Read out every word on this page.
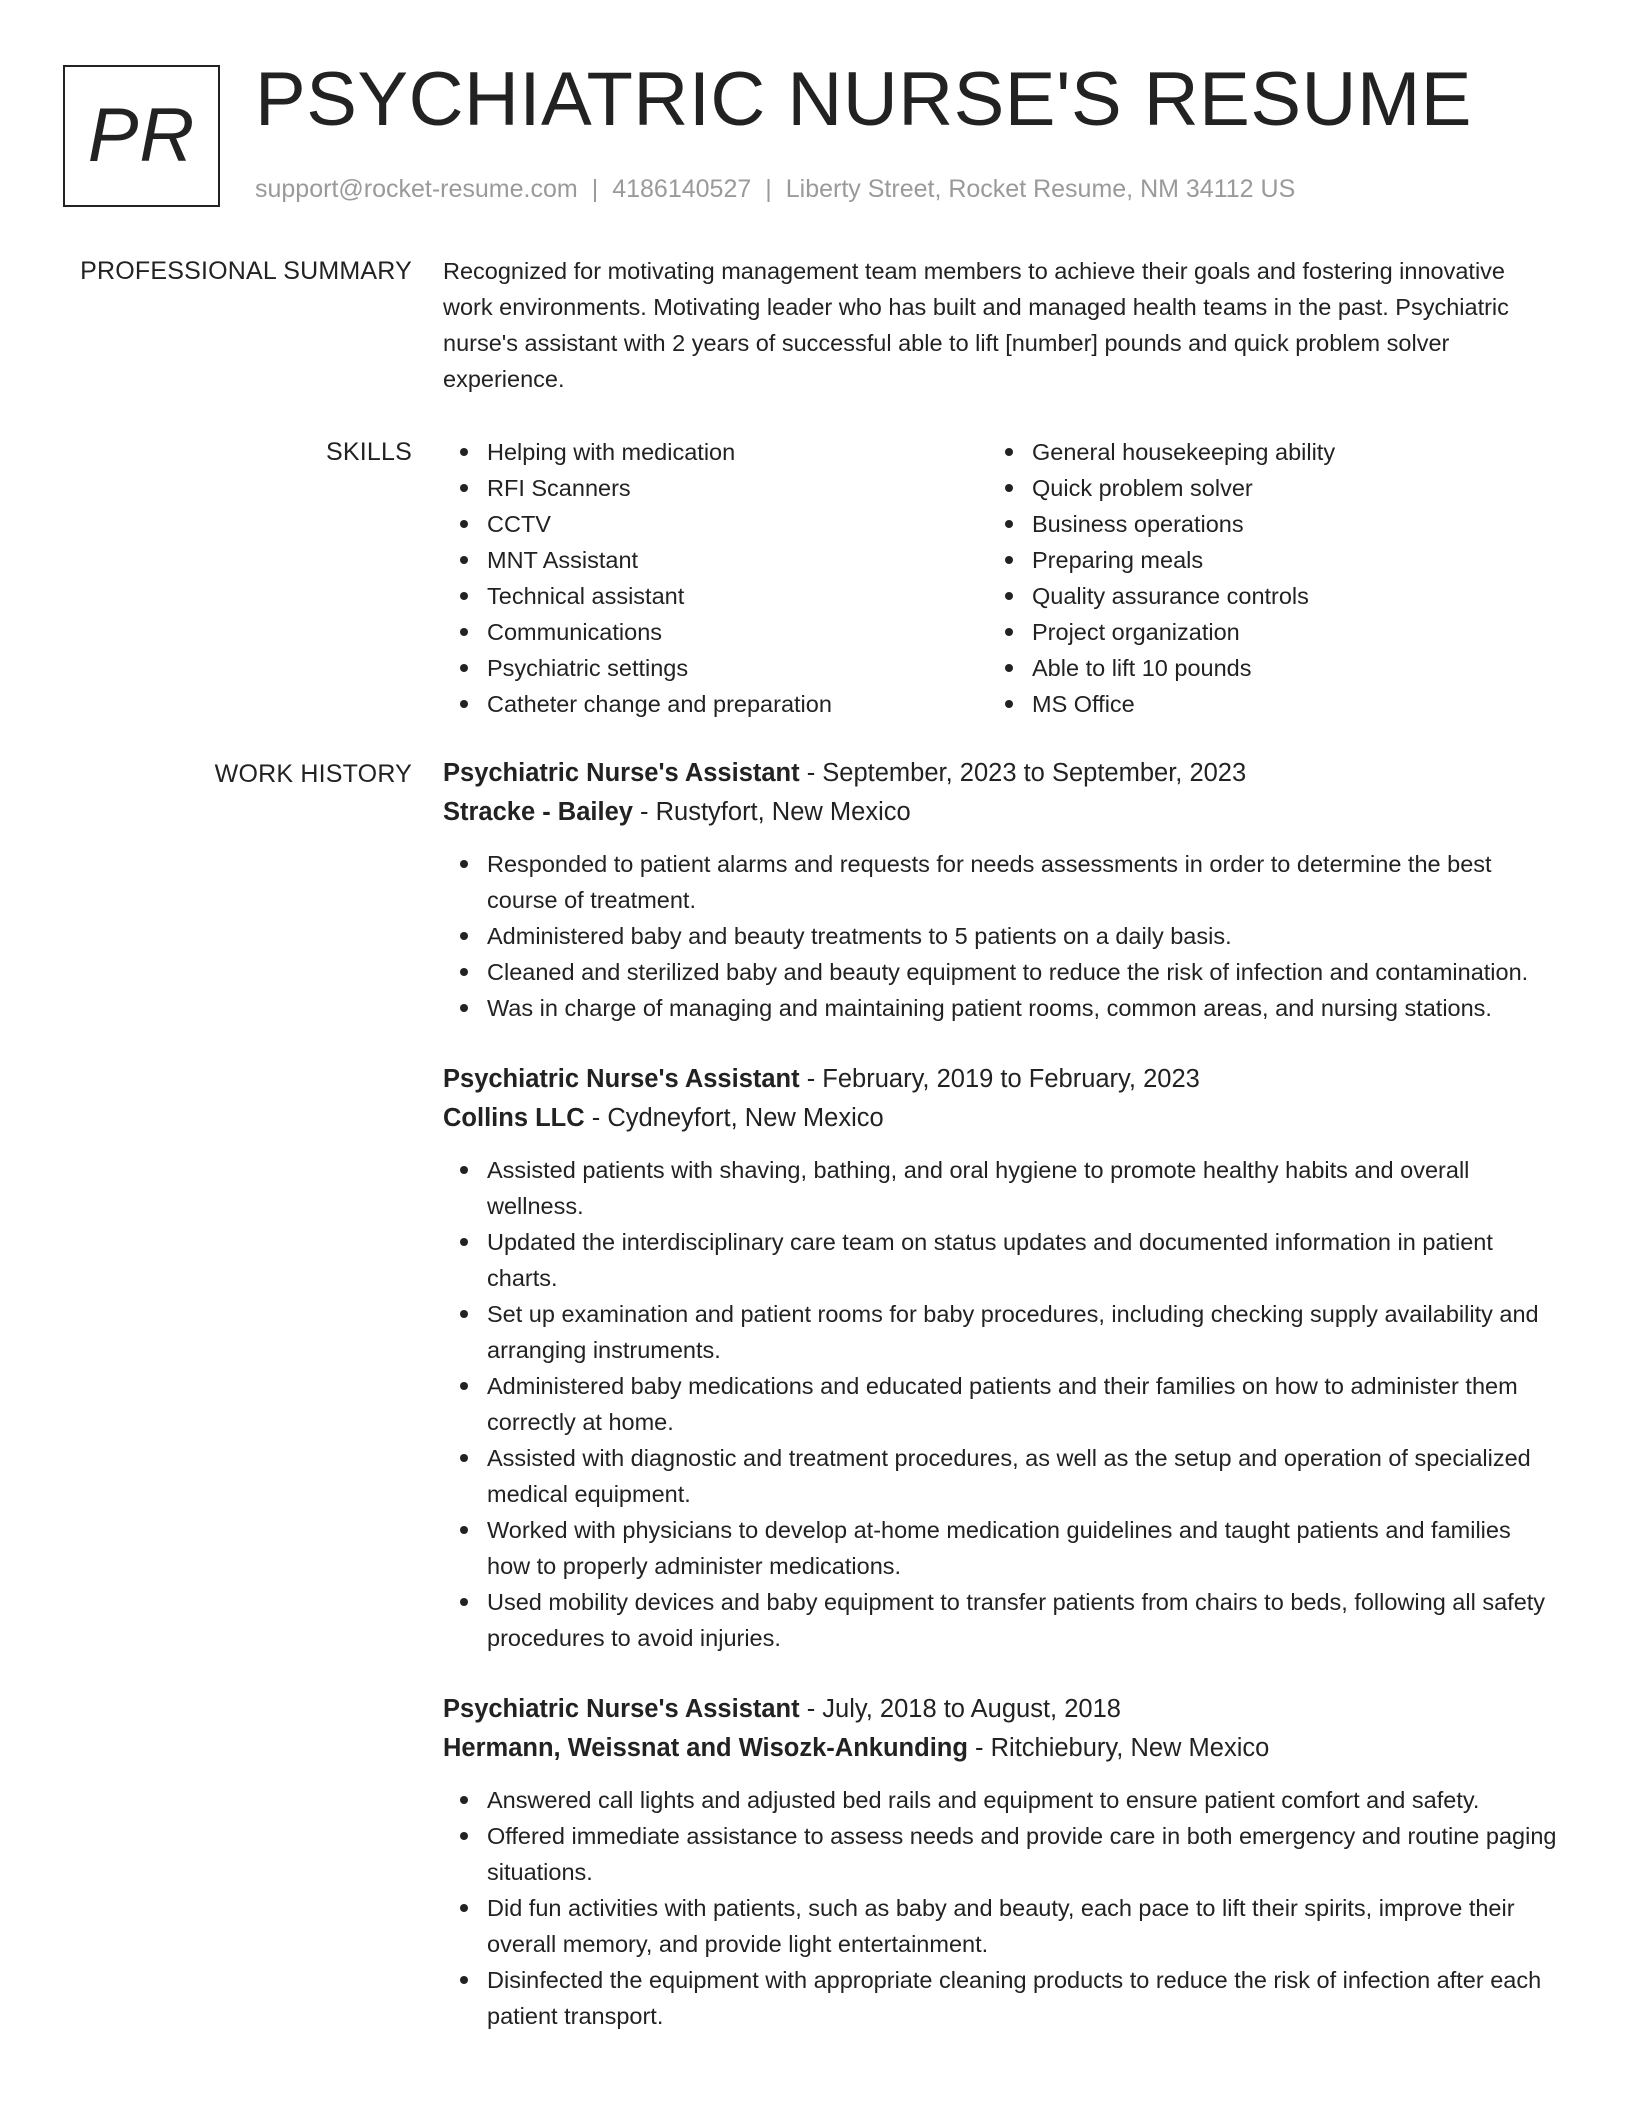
PR PSYCHIATRIC NURSE'S RESUME
support@rocket-resume.com | 4186140527 | Liberty Street, Rocket Resume, NM 34112 US
PROFESSIONAL SUMMARY Recognized for motivating management team members to achieve their goals and fostering innovative work environments. Motivating leader who has built and managed health teams in the past. Psychiatric nurse's assistant with 2 years of successful able to lift [number] pounds and quick problem solver experience.

SKILLS	Helping with medication
RFI Scanners
CCTV
MNT Assistant
Technical assistant
Communications
Psychiatric settings
Catheter change and preparation
General housekeeping ability
Quick problem solver
Business operations
Preparing meals
Quality assurance controls
Project organization
Able to lift 10 pounds
MS Office
WORK HISTORY Psychiatric Nurse's Assistant - September, 2023 to September, 2023
Stracke - Bailey - Rustyfort, New Mexico
Responded to patient alarms and requests for needs assessments in order to determine the best course of treatment.
Administered baby and beauty treatments to 5 patients on a daily basis.
Cleaned and sterilized baby and beauty equipment to reduce the risk of infection and contamination.
Was in charge of managing and maintaining patient rooms, common areas, and nursing stations.
Psychiatric Nurse's Assistant - February, 2019 to February, 2023
Collins LLC - Cydneyfort, New Mexico
Assisted patients with shaving, bathing, and oral hygiene to promote healthy habits and overall wellness.
Updated the interdisciplinary care team on status updates and documented information in patient charts.
Set up examination and patient rooms for baby procedures, including checking supply availability and arranging instruments.
Administered baby medications and educated patients and their families on how to administer them correctly at home.
Assisted with diagnostic and treatment procedures, as well as the setup and operation of specialized medical equipment.
Worked with physicians to develop at-home medication guidelines and taught patients and families how to properly administer medications.
Used mobility devices and baby equipment to transfer patients from chairs to beds, following all safety procedures to avoid injuries.
Psychiatric Nurse's Assistant - July, 2018 to August, 2018
Hermann, Weissnat and Wisozk-Ankunding - Ritchiebury, New Mexico
Answered call lights and adjusted bed rails and equipment to ensure patient comfort and safety.
Offered immediate assistance to assess needs and provide care in both emergency and routine paging situations.
Did fun activities with patients, such as baby and beauty, each pace to lift their spirits, improve their overall memory, and provide light entertainment.
Disinfected the equipment with appropriate cleaning products to reduce the risk of infection after each patient transport.
